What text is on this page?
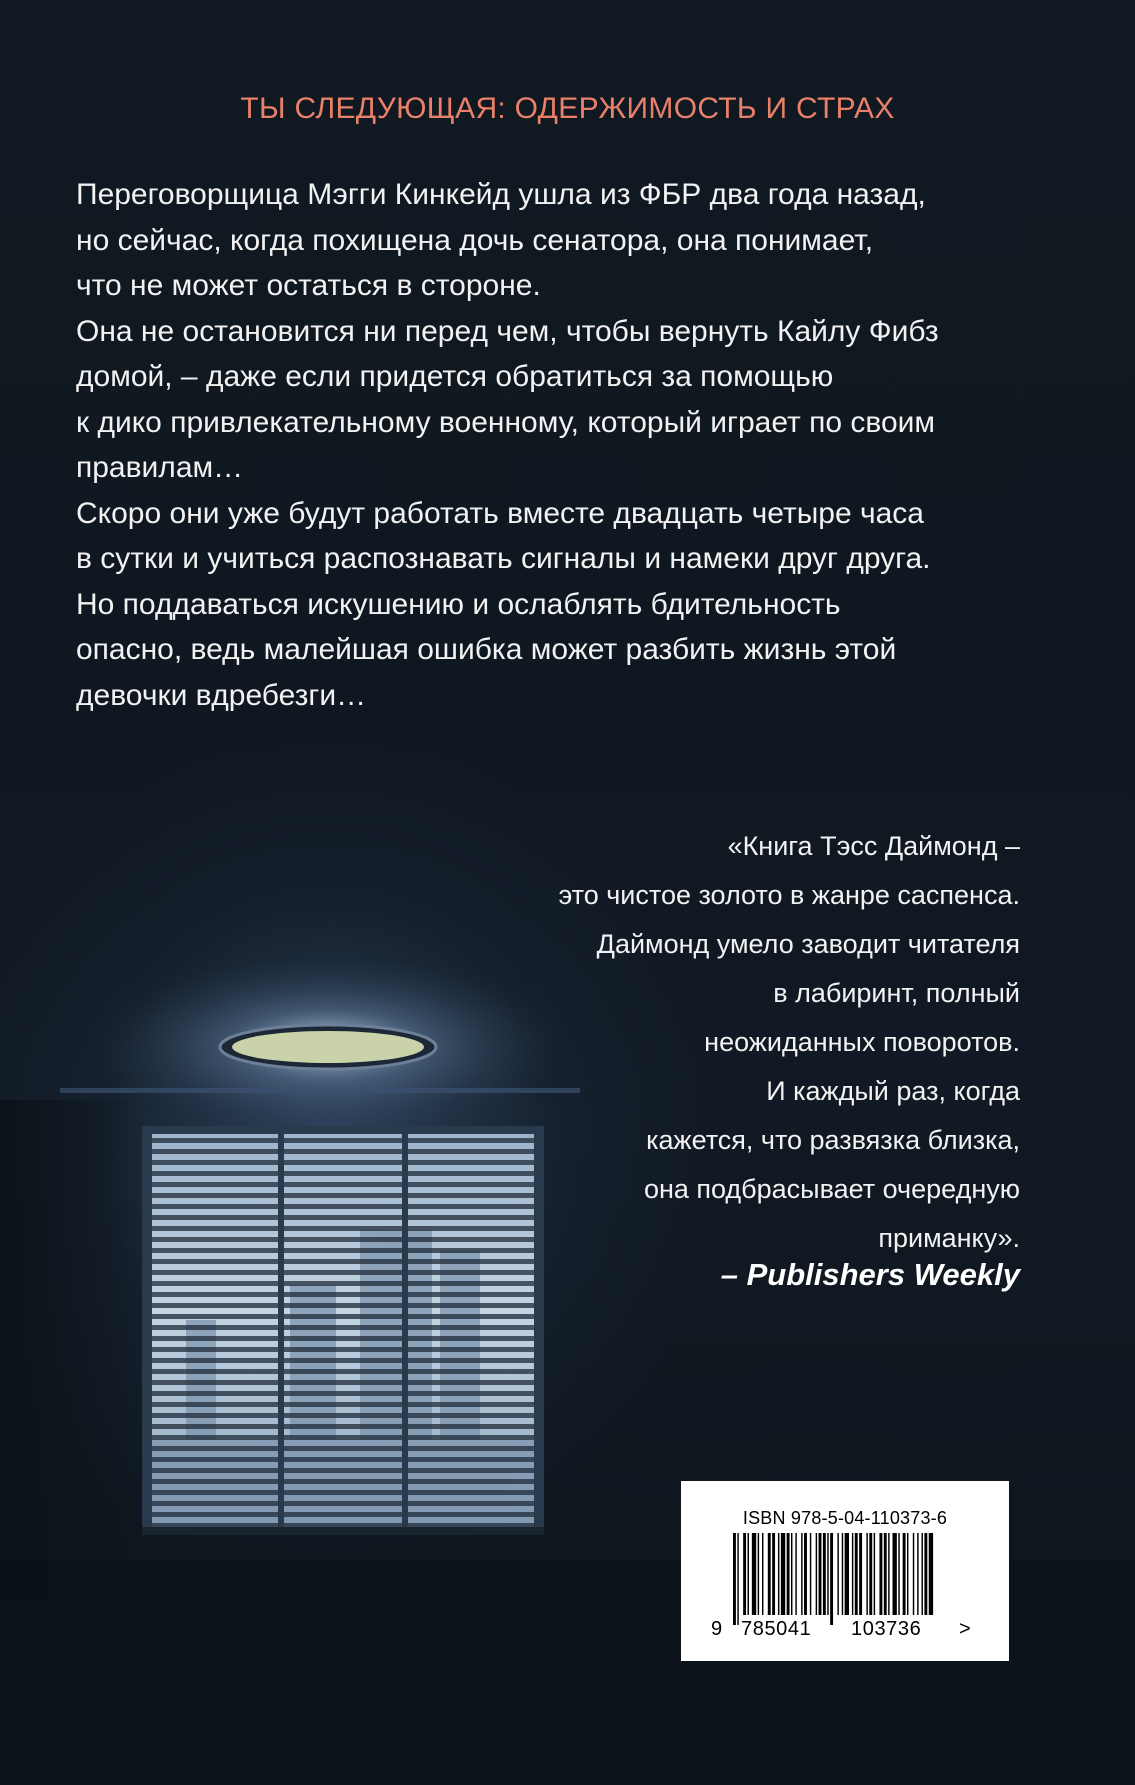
ТЫ СЛЕДУЮЩАЯ: ОДЕРЖИМОСТЬ И СТРАХ

Переговорщица Мэгги Кинкейд ушла из ФБР два года назад,

но сейчас, когда похищена дочь сенатора, она понимает,

что не может остаться в стороне.

Она не остановится ни перед чем, чтобы вернуть Кайлу Фибз

домой, – даже если придется обратиться за помощью

к дико привлекательному военному, который играет по своим

правилам…

Скоро они уже будут работать вместе двадцать четыре часа

в сутки и учиться распознавать сигналы и намеки друг друга.

Но поддаваться искушению и ослаблять бдительность

опасно, ведь малейшая ошибка может разбить жизнь этой

девочки вдребезги…

«Книга Тэсс Даймонд –
это чистое золото в жанре саспенса.
Даймонд умело заводит читателя
в лабиринт, полный
неожиданных поворотов.
И каждый раз, когда
кажется, что развязка близка,
она подбрасывает очередную
приманку».
– Publishers Weekly
ISBN 978-5-04-110373-6
9 785041 103736 >
